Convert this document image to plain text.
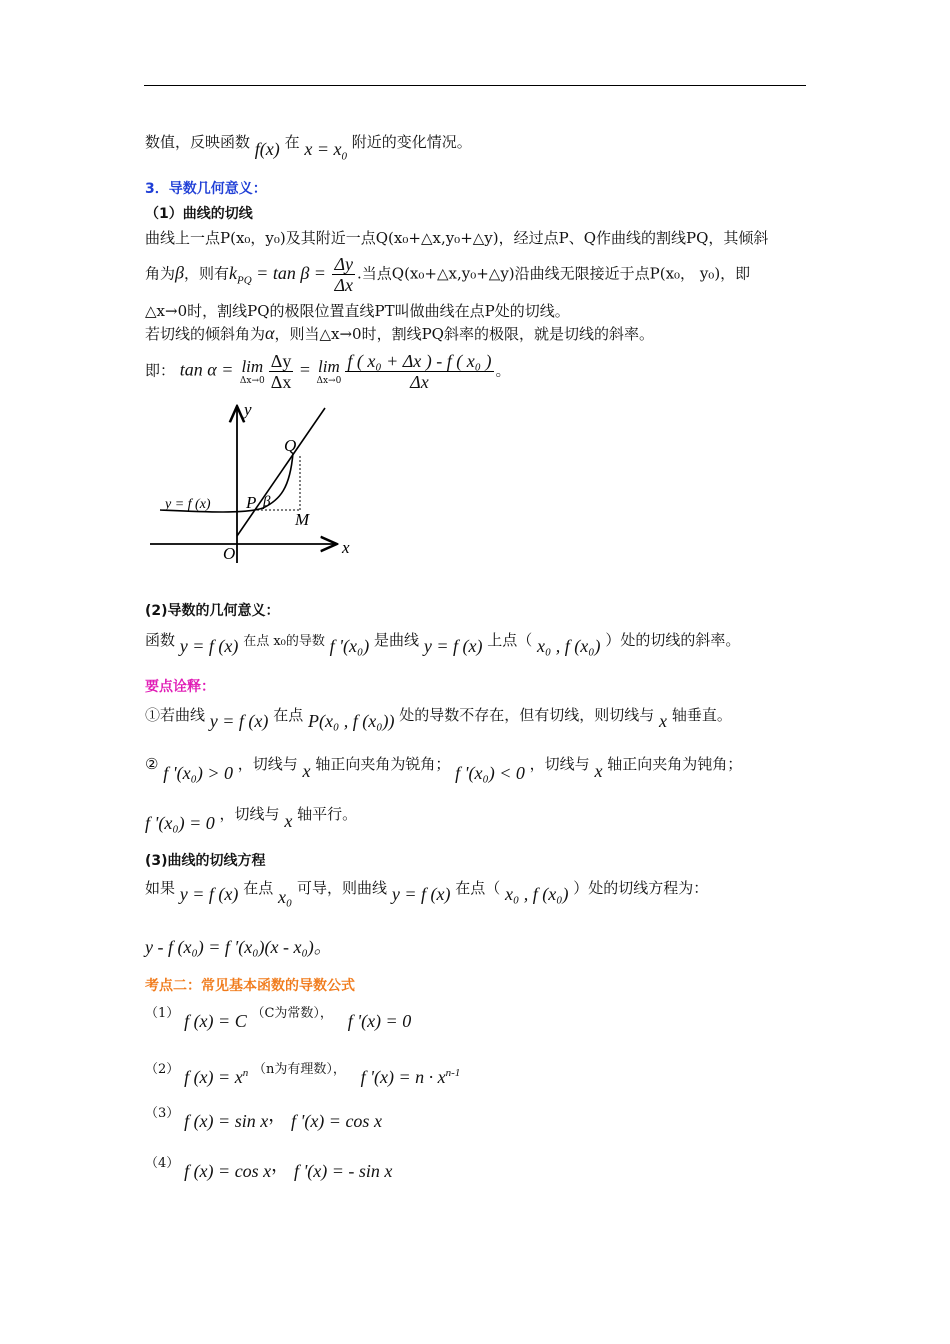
数值，反映函数 f(x) 在 $x = x_0$ 附近的变化情况。
3．导数几何意义：
（1）曲线的切线
曲线上一点P(x₀，y₀)及其附近一点Q(x₀+△x,y₀+△y)，经过点P、Q作曲线的割线PQ，其倾斜
角为β，则有$k_{PQ} = \tan \beta = \frac{\Delta y}{\Delta x}$ .当点Q(x₀+△x,y₀+△y)沿曲线无限接近于点P(x₀， y₀)，即
△x→0时，割线PQ的极限位置直线PT叫做曲线在点P处的切线。
若切线的倾斜角为α，则当△x→0时，割线PQ斜率的极限，就是切线的斜率。
即： tan α = lim
$\Delta x\to 0 \frac{\Delta y}{\Delta x} = \lim$
$\Delta x\to 0 \frac{\text{f ( x₀ + Δx ) - f ( x₀ )}}{\Delta x}$ 。
y
x
Q
P β
M
O
y = f (x)
(2)导数的几何意义：
函数 y = f (x) 在点 x₀的导数 f '(x₀) 是曲线 y = f (x) 上点（ x₀ , f (x₀) ）处的切线的斜率。
要点诠释：
①若曲线 y = f (x) 在点 P(x₀ , f (x₀)) 处的导数不存在，但有切线，则切线与 x 轴垂直。
② f '(x₀) > 0 ，切线与 x 轴正向夹角为锐角； f '(x₀) < 0 ，切线与 x 轴正向夹角为钝角；
f '(x₀) = 0 ，切线与 x 轴平行。
(3)曲线的切线方程
如果 y = f (x) 在点 x₀ 可导，则曲线 y = f (x) 在点（ x₀ , f (x₀) ）处的切线方程为：
y - f (x₀) = f ′(x₀)(x - x₀)。
考点二：常见基本函数的导数公式
（1） f (x) = C （C为常数）， f '(x) = 0
（2） f $(x) = x^n$ （n为有理数）， f '$(x) = n \cdot x^{n-1}$
（3） f (x) = sin x， f '(x) = cos x
（4） f (x) = cos x， f '(x) = - sin x
